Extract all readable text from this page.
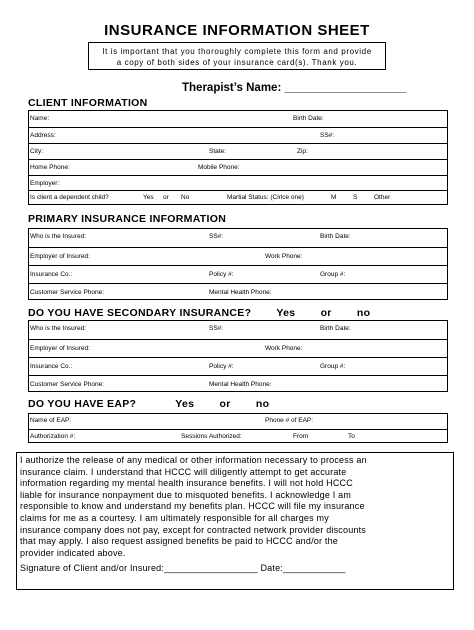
INSURANCE INFORMATION SHEET
It is important that you thoroughly complete this form and provide
a copy of both sides of your insurance card(s). Thank you.
Therapist’s Name: ___________________
CLIENT INFORMATION
Name:	Birth Date:
Address:	SS#:
City:	State:	Zip:
Home Phone:	Mobile Phone:
Employer:
Is client a dependent child?	Yes or No	Martial Status: (Cirlce one)	M	S	Other
PRIMARY INSURANCE INFORMATION
Who is the Insured:	SS#:	Birth Date:
Employer of Insured:	Work Phone:
Insurance Co.:	Policy #:	Group #:
Customer Service Phone:	Mental Health Phone:
DO YOU HAVE SECONDARY INSURANCE? Yes or no
Who is the Insured:	SS#:	Birth Date:
Employer of Insured:	Work Phone:
Insurance Co.:	Policy #:	Group #:
Customer Service Phone:	Mental Health Phone:
DO YOU HAVE EAP?	Yes or no
Name of EAP:	Phone # of EAP:
Authorization #:	Sessions Authorized:	From	To
I authorize the release of any medical or other information necessary to process an
insurance claim. I understand that HCCC will diligently attempt to get accurate
information regarding my mental health insurance benefits. I will not hold HCCC
liable for insurance nonpayment due to misquoted benefits. I acknowledge I am
responsible to know and understand my benefits plan. HCCC will file my insurance
claims for me as a courtesy. I am ultimately responsible for all charges my
insurance company does not pay, except for contracted network provider discounts
that may apply. I also request assigned benefits be paid to HCCC and/or the
provider indicated above.
Signature of Client and/or Insured:__________________ Date:____________
